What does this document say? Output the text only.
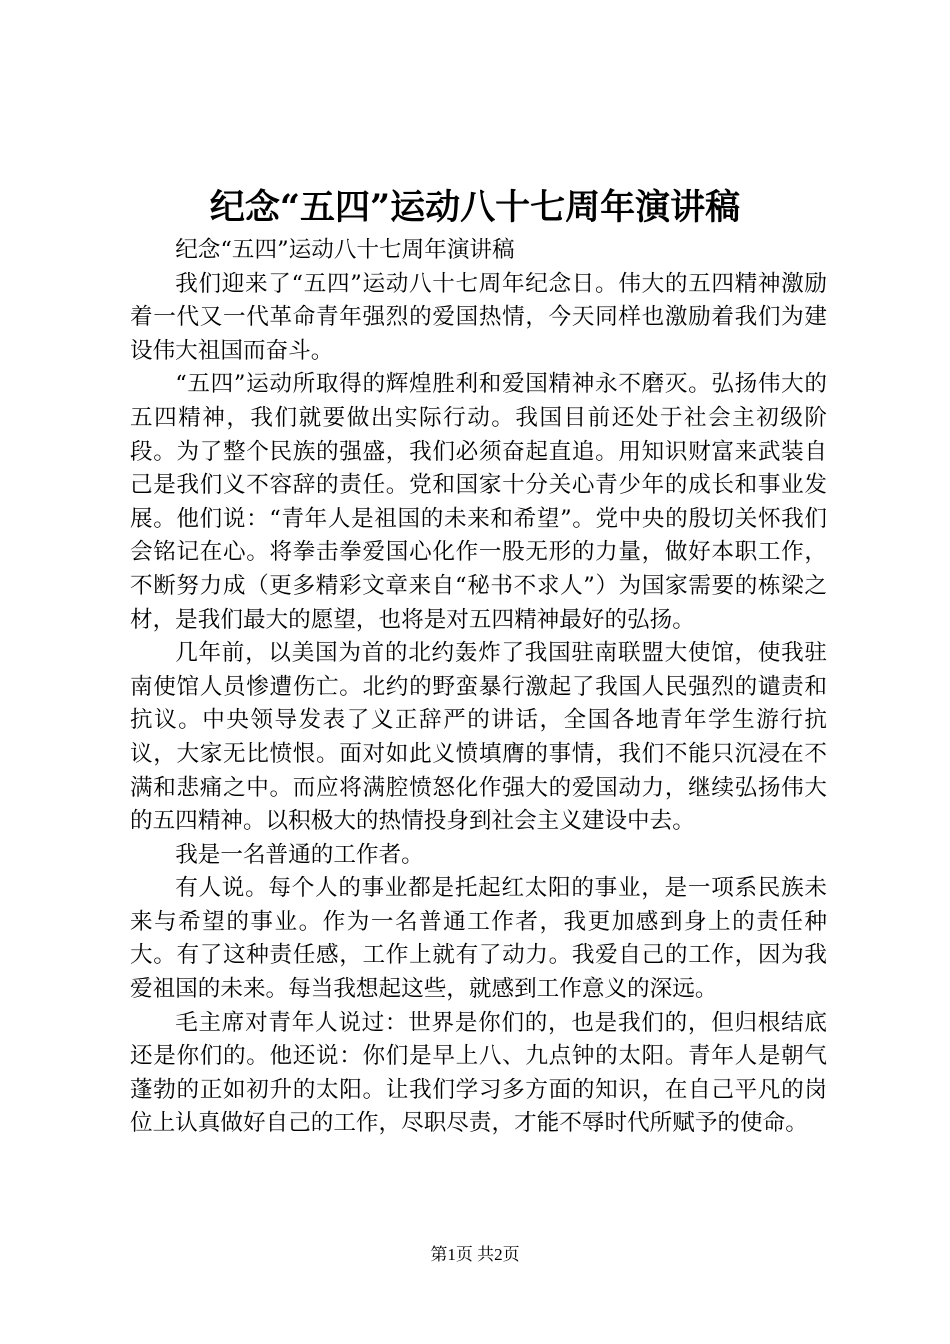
纪念“五四”运动八十七周年演讲稿

纪念“五四”运动八十七周年演讲稿

我们迎来了“五四”运动八十七周年纪念日。伟大的五四精神激励着一代又一代革命青年强烈的爱国热情，今天同样也激励着我们为建设伟大祖国而奋斗。

“五四”运动所取得的辉煌胜利和爱国精神永不磨灭。弘扬伟大的五四精神，我们就要做出实际行动。我国目前还处于社会主初级阶段。为了整个民族的强盛，我们必须奋起直追。用知识财富来武装自己是我们义不容辞的责任。党和国家十分关心青少年的成长和事业发展。他们说：“青年人是祖国的未来和希望”。党中央的殷切关怀我们会铭记在心。将拳击拳爱国心化作一股无形的力量，做好本职工作，不断努力成（更多精彩文章来自“秘书不求人”）为国家需要的栋梁之材，是我们最大的愿望，也将是对五四精神最好的弘扬。

几年前，以美国为首的北约轰炸了我国驻南联盟大使馆，使我驻南使馆人员惨遭伤亡。北约的野蛮暴行激起了我国人民强烈的谴责和抗议。中央领导发表了义正辞严的讲话，全国各地青年学生游行抗议，大家无比愤恨。面对如此义愤填膺的事情，我们不能只沉浸在不满和悲痛之中。而应将满腔愤怒化作强大的爱国动力，继续弘扬伟大的五四精神。以积极大的热情投身到社会主义建设中去。

我是一名普通的工作者。

有人说。每个人的事业都是托起红太阳的事业，是一项系民族未来与希望的事业。作为一名普通工作者，我更加感到身上的责任种大。有了这种责任感，工作上就有了动力。我爱自己的工作，因为我爱祖国的未来。每当我想起这些，就感到工作意义的深远。

毛主席对青年人说过：世界是你们的，也是我们的，但归根结底还是你们的。他还说：你们是早上八、九点钟的太阳。青年人是朝气蓬勃的正如初升的太阳。让我们学习多方面的知识，在自己平凡的岗位上认真做好自己的工作，尽职尽责，才能不辱时代所赋予的使命。

第1页 共2页
